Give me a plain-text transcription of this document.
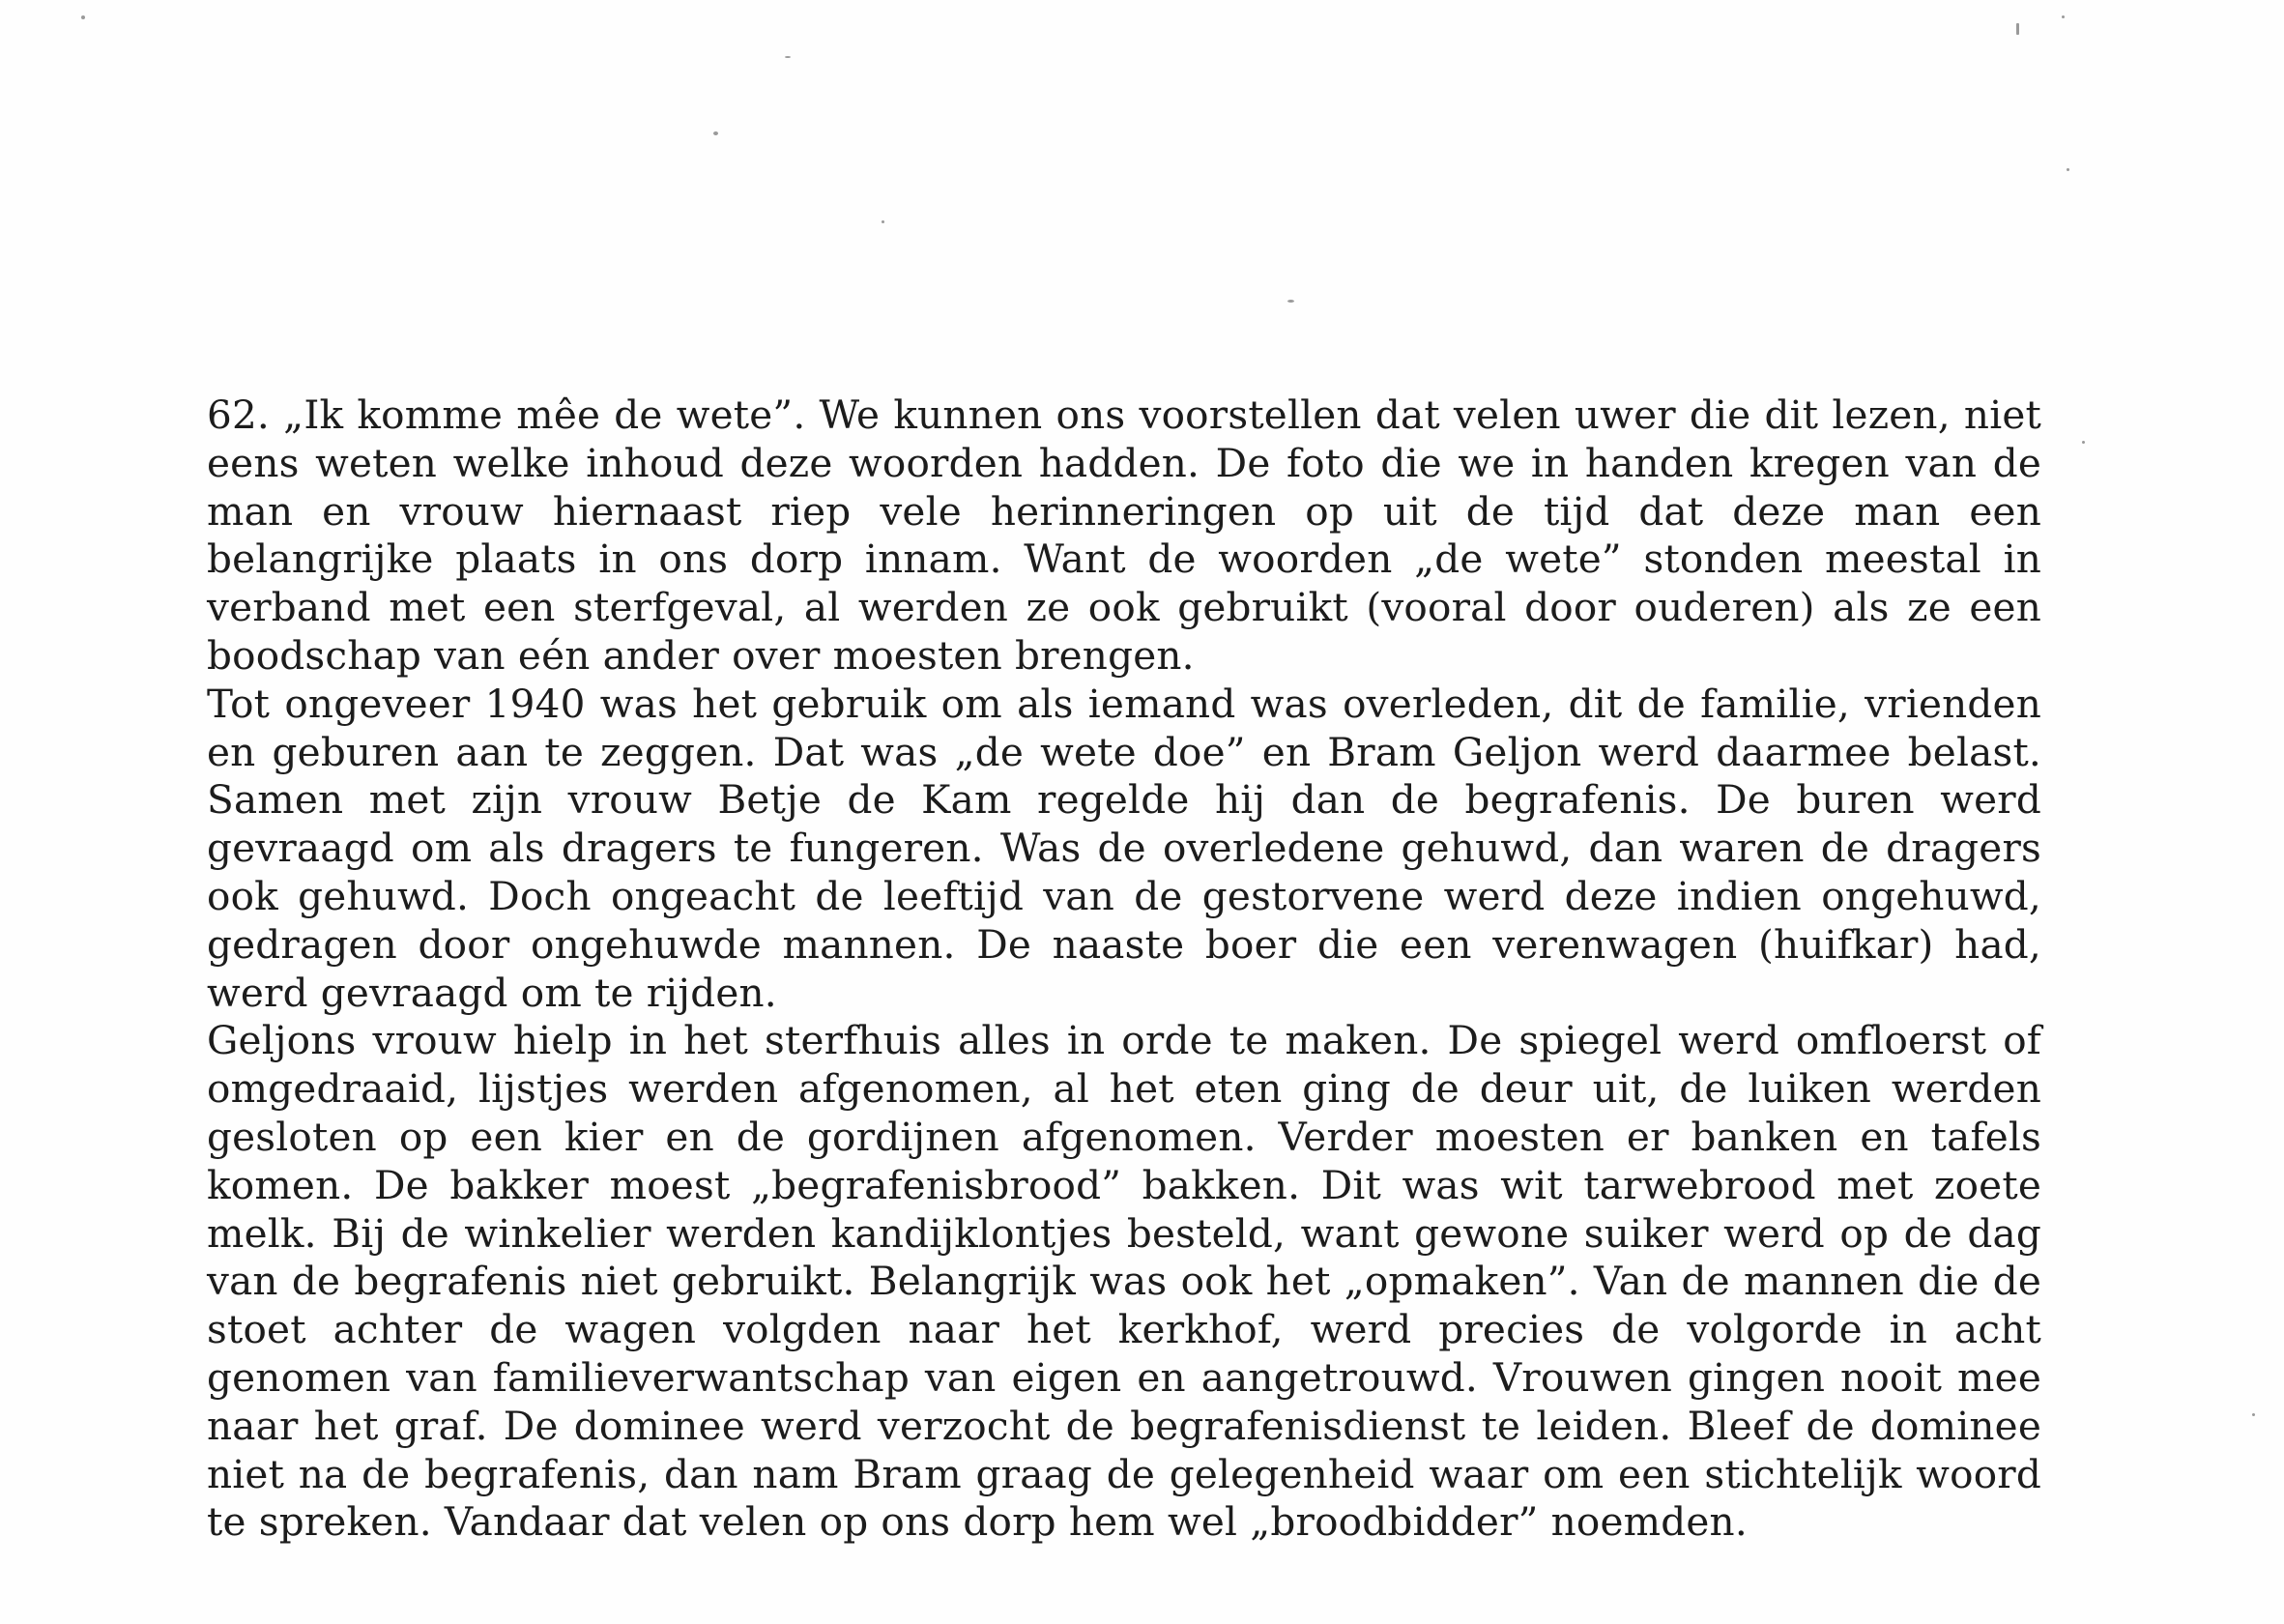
62. „Ik komme mêe de wete”. We kunnen ons voorstellen dat velen uwer die dit lezen, niet eens weten welke inhoud deze woorden hadden. De foto die we in handen kregen van de man en vrouw hiernaast riep vele herinneringen op uit de tijd dat deze man een belangrijke plaats in ons dorp innam. Want de woorden „de wete” stonden meestal in verband met een sterfgeval, al werden ze ook gebruikt (vooral door ouderen) als ze een boodschap van eén ander over moesten brengen.

Tot ongeveer 1940 was het gebruik om als iemand was overleden, dit de familie, vrienden en geburen aan te zeggen. Dat was „de wete doe” en Bram Geljon werd daarmee belast. Samen met zijn vrouw Betje de Kam regelde hij dan de begrafenis. De buren werd gevraagd om als dragers te fungeren. Was de overledene gehuwd, dan waren de dragers ook gehuwd. Doch ongeacht de leeftijd van de gestorvene werd deze indien ongehuwd, gedragen door ongehuwde mannen. De naaste boer die een verenwagen (huifkar) had, werd gevraagd om te rijden.

Geljons vrouw hielp in het sterfhuis alles in orde te maken. De spiegel werd omfloerst of omgedraaid, lijstjes werden afgenomen, al het eten ging de deur uit, de luiken werden gesloten op een kier en de gordijnen afgenomen. Verder moesten er banken en tafels komen. De bakker moest „begrafenisbrood” bakken. Dit was wit tarwebrood met zoete melk. Bij de winkelier werden kandijklontjes besteld, want gewone suiker werd op de dag van de begrafenis niet gebruikt. Belangrijk was ook het „opmaken”. Van de mannen die de stoet achter de wagen volgden naar het kerkhof, werd precies de volgorde in acht genomen van familieverwantschap van eigen en aangetrouwd. Vrouwen gingen nooit mee naar het graf. De dominee werd verzocht de begrafenisdienst te leiden. Bleef de dominee niet na de begrafenis, dan nam Bram graag de gelegenheid waar om een stichtelijk woord te spreken. Vandaar dat velen op ons dorp hem wel „broodbidder” noemden.
